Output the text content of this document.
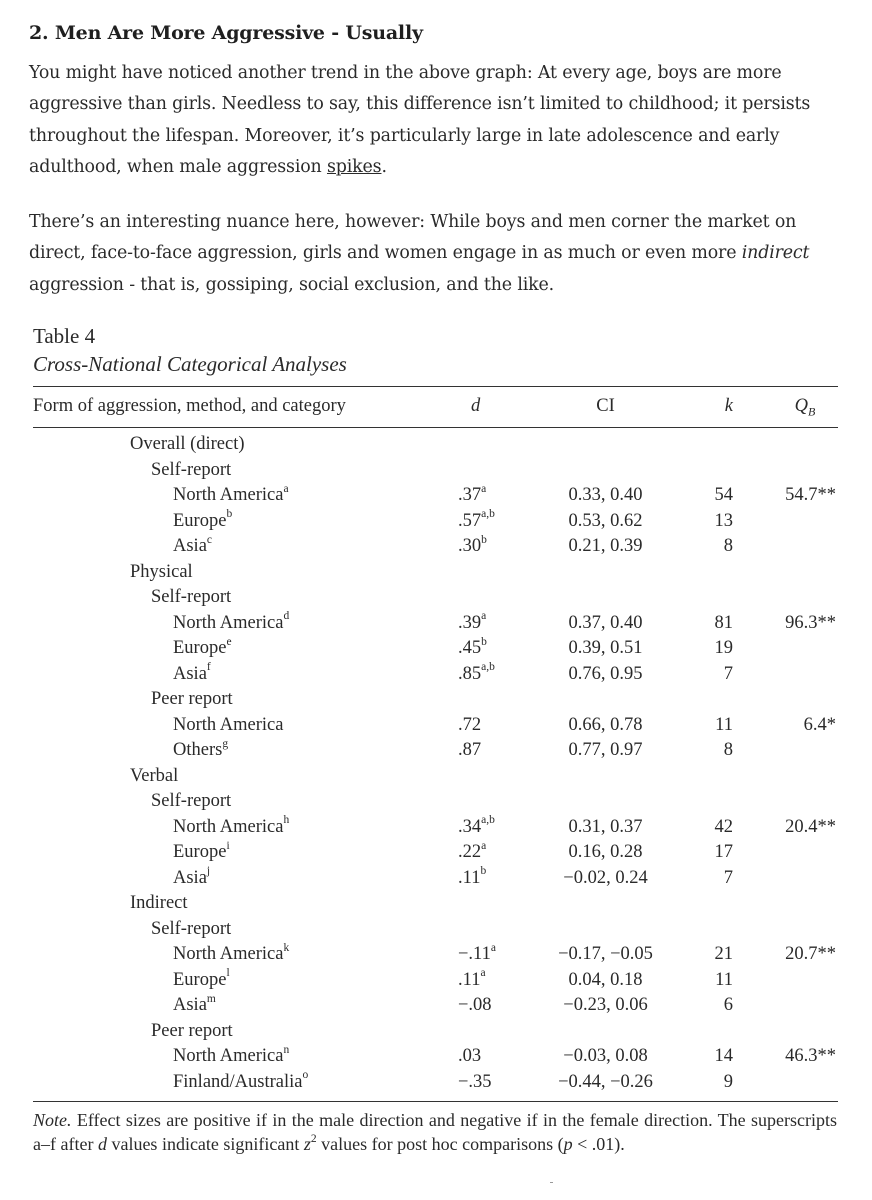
2. Men Are More Aggressive - Usually

You might have noticed another trend in the above graph: At every age, boys are more aggressive than girls. Needless to say, this difference isn’t limited to childhood; it persists throughout the lifespan. Moreover, it’s particularly large in late adolescence and early adulthood, when male aggression spikes.

There’s an interesting nuance here, however: While boys and men corner the market on direct, face-to-face aggression, girls and women engage in as much or even more indirect aggression - that is, gossiping, social exclusion, and the like.

Table 4
Cross-National Categorical Analyses
Form of aggression, method, and category	d	CI	k	$Q_B$
Overall (direct)
Self-report
North America$^a$	.37$^a$	0.33, 0.40	54	54.7**
Europe$^b$	.57$^{a,b}$	0.53, 0.62	13
Asia$^c$	.30$^b$	0.21, 0.39	8
Physical
Self-report
North America$^d$	.39$^a$	0.37, 0.40	81	96.3**
Europe$^e$	.45$^b$	0.39, 0.51	19
Asia$^f$	.85$^{a,b}$	0.76, 0.95	7
Peer report
North America	.72	0.66, 0.78	11	6.4*
Others$^g$	.87	0.77, 0.97	8
Verbal
Self-report
North America$^h$	.34$^{a,b}$	0.31, 0.37	42	20.4**
Europe$^i$	.22$^a$	0.16, 0.28	17
Asia$^j$	.11$^b$	−0.02, 0.24	7
Indirect
Self-report
North America$^k$	−.11$^a$	−0.17, −0.05	21	20.7**
Europe$^l$	.11$^a$	0.04, 0.18	11
Asia$^m$	−.08	−0.23, 0.06	6
Peer report
North America$^n$	.03	−0.03, 0.08	14	46.3**
Finland/Australia$^o$	−.35	−0.44, −0.26	9
Note. Effect sizes are positive if in the male direction and negative if in the female direction. The superscripts a–f after d values indicate significant $z^2$ values for post hoc comparisons (p < .01).
